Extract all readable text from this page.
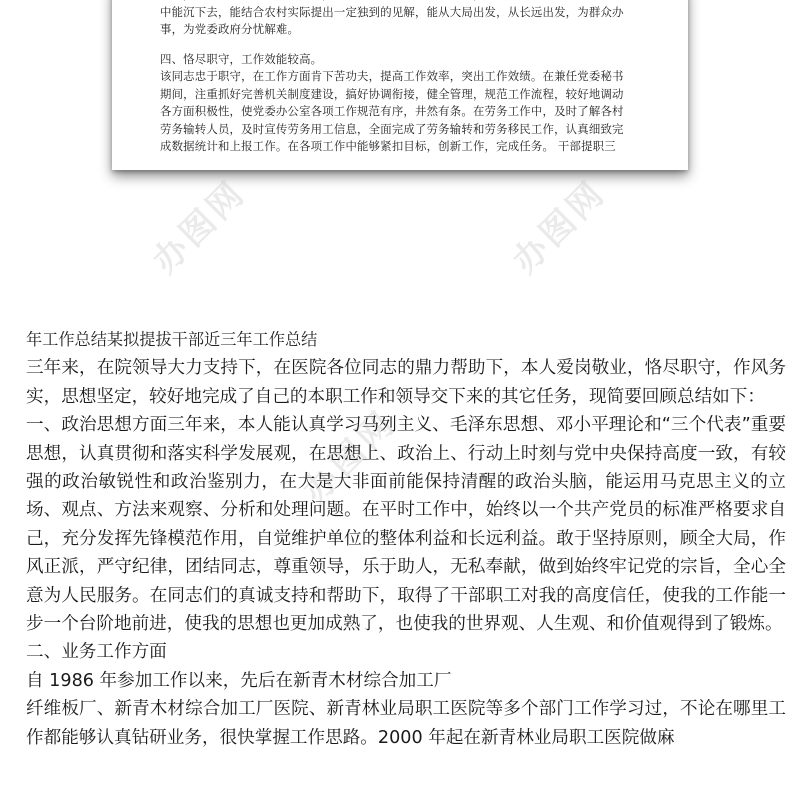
中能沉下去，能结合农村实际提出一定独到的见解，能从大局出发，从长远出发，为群众办

事，为党委政府分忧解难。

四、恪尽职守，工作效能较高。

该同志忠于职守，在工作方面肯下苦功夫，提高工作效率，突出工作效绩。在兼任党委秘书

期间，注重抓好完善机关制度建设，搞好协调衔接，健全管理，规范工作流程，较好地调动

各方面积极性，使党委办公室各项工作规范有序，井然有条。在劳务工作中，及时了解各村

劳务输转人员，及时宣传劳务用工信息，全面完成了劳务输转和劳务移民工作，认真细致完

成数据统计和上报工作。在各项工作中能够紧扣目标，创新工作，完成任务。 干部提职三

办图网	办图网
办图网

年工作总结某拟提拔干部近三年工作总结

三年来，在院领导大力支持下，在医院各位同志的鼎力帮助下，本人爱岗敬业，恪尽职守，作风务实，思想坚定，较好地完成了自己的本职工作和领导交下来的其它任务，现简要回顾总结如下：

一、政治思想方面三年来，本人能认真学习马列主义、毛泽东思想、邓小平理论和“三个代表”重要思想，认真贯彻和落实科学发展观，在思想上、政治上、行动上时刻与党中央保持高度一致，有较强的政治敏锐性和政治鉴别力，在大是大非面前能保持清醒的政治头脑，能运用马克思主义的立场、观点、方法来观察、分析和处理问题。在平时工作中，始终以一个共产党员的标准严格要求自己，充分发挥先锋模范作用，自觉维护单位的整体利益和长远利益。敢于坚持原则，顾全大局，作风正派，严守纪律，团结同志，尊重领导，乐于助人，无私奉献，做到始终牢记党的宗旨，全心全意为人民服务。在同志们的真诚支持和帮助下，取得了干部职工对我的高度信任，使我的工作能一步一个台阶地前进，使我的思想也更加成熟了，也使我的世界观、人生观、和价值观得到了锻炼。

二、业务工作方面

自 1986 年参加工作以来，先后在新青木材综合加工厂

纤维板厂、新青木材综合加工厂医院、新青林业局职工医院等多个部门工作学习过，不论在哪里工作都能够认真钻研业务，很快掌握工作思路。2000 年起在新青林业局职工医院做麻
